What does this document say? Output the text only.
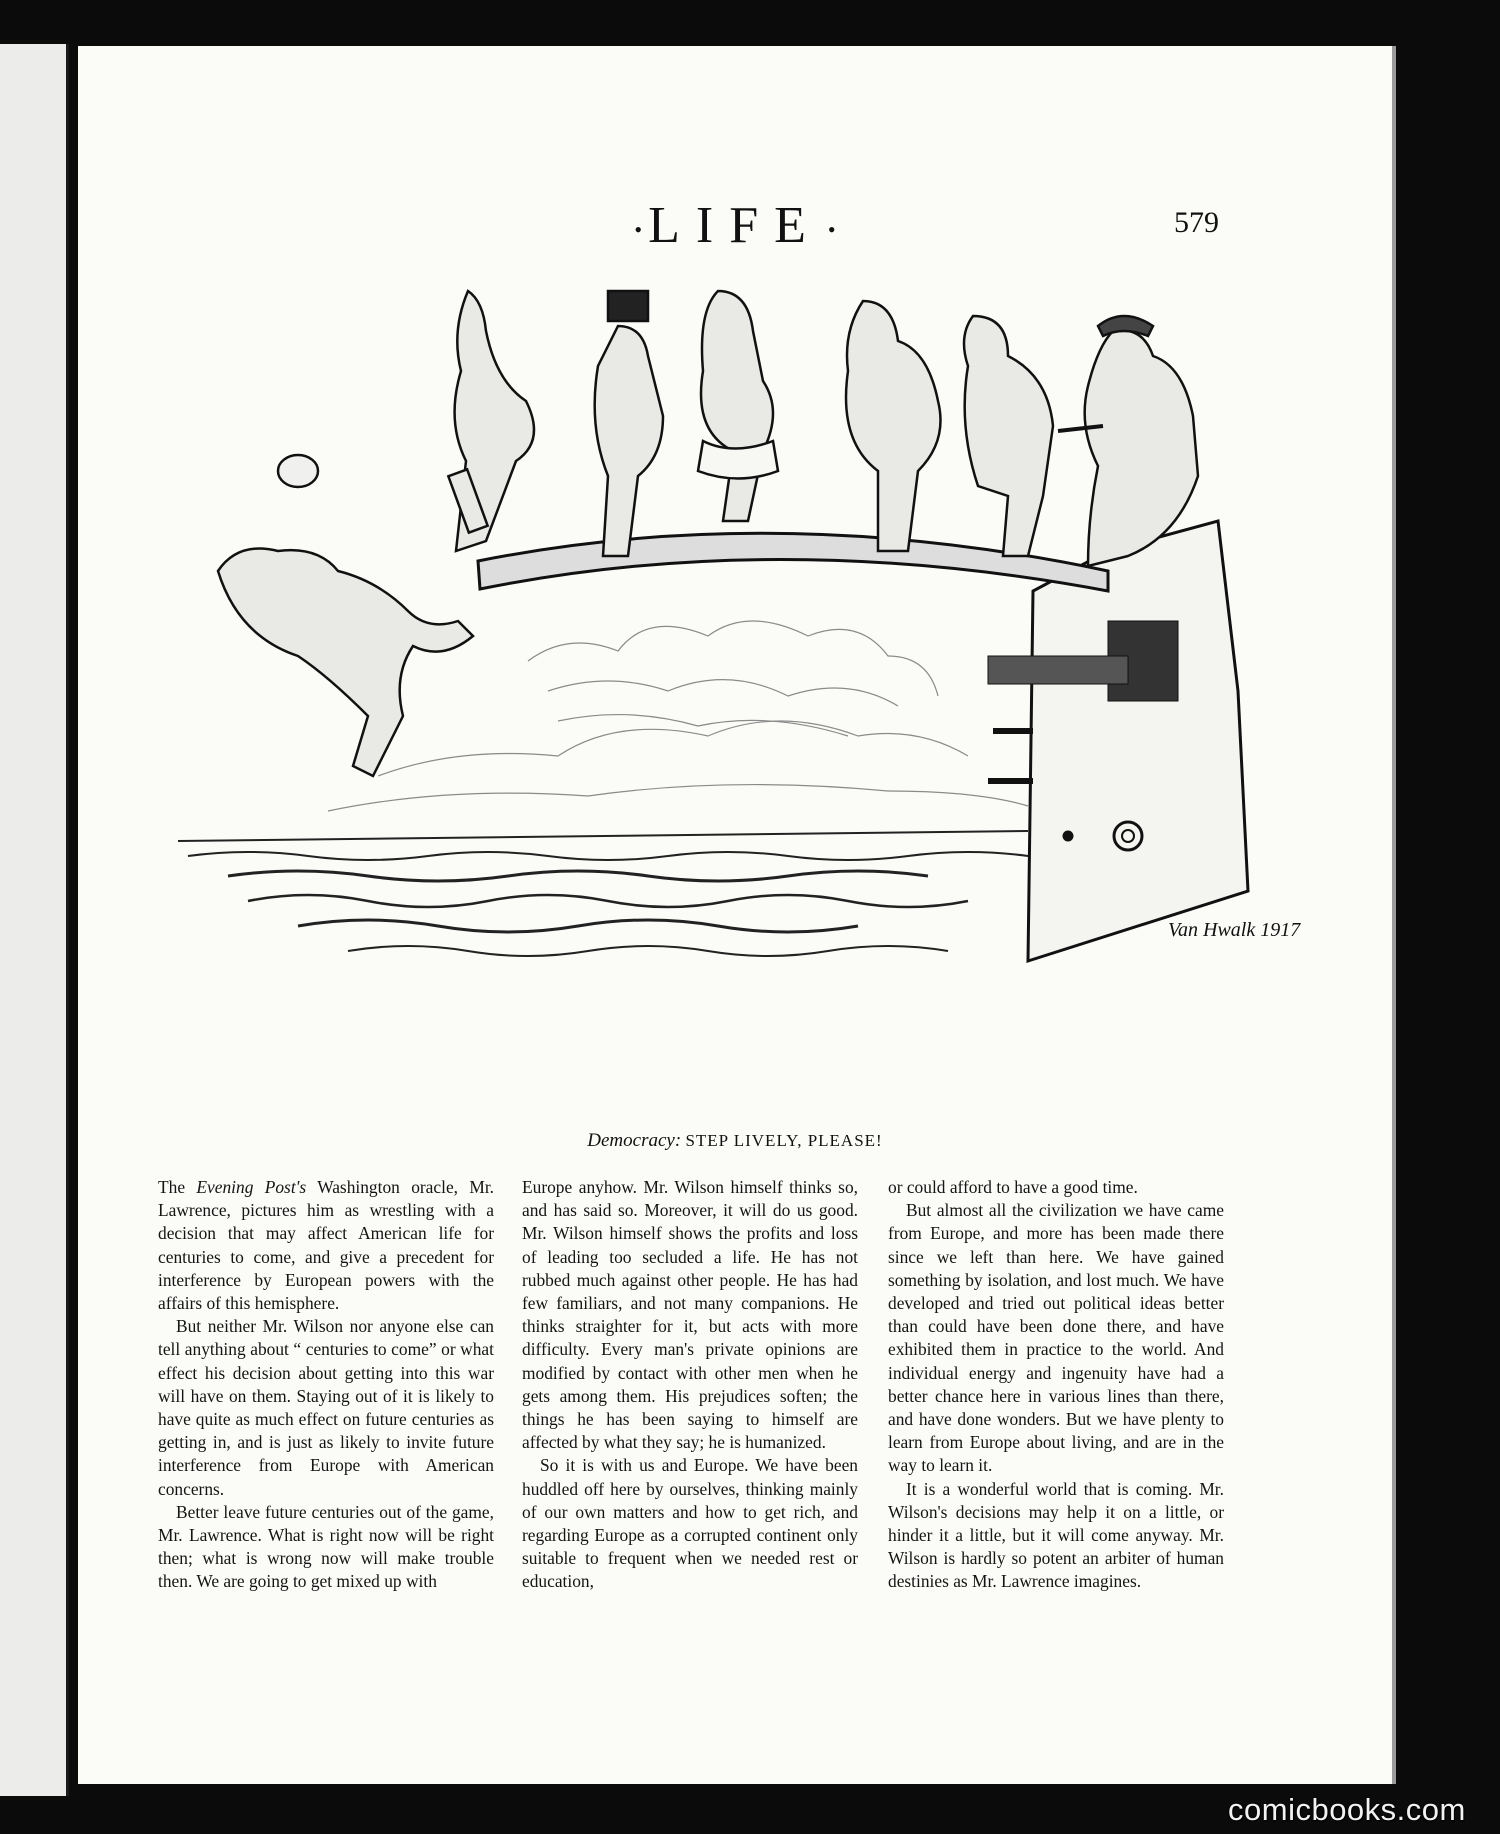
• LIFE •	579
Van Hwalk 1917
Democracy: STEP LIVELY, PLEASE!

The Evening Post's Washington oracle, Mr. Lawrence, pictures him as wrestling with a decision that may affect American life for centuries to come, and give a precedent for interference by European powers with the affairs of this hemisphere.

But neither Mr. Wilson nor anyone else can tell anything about “ centuries to come” or what effect his decision about getting into this war will have on them. Staying out of it is likely to have quite as much effect on future centuries as getting in, and is just as likely to invite future interference from Europe with American concerns.

Better leave future centuries out of the game, Mr. Lawrence. What is right now will be right then; what is wrong now will make trouble then. We are going to get mixed up with

Europe anyhow. Mr. Wilson himself thinks so, and has said so. Moreover, it will do us good. Mr. Wilson himself shows the profits and loss of leading too secluded a life. He has not rubbed much against other people. He has had few familiars, and not many companions. He thinks straighter for it, but acts with more difficulty. Every man's private opinions are modified by contact with other men when he gets among them. His prejudices soften; the things he has been saying to himself are affected by what they say; he is humanized.

So it is with us and Europe. We have been huddled off here by ourselves, thinking mainly of our own matters and how to get rich, and regarding Europe as a corrupted continent only suitable to frequent when we needed rest or education,

or could afford to have a good time.

But almost all the civilization we have came from Europe, and more has been made there since we left than here. We have gained something by isolation, and lost much. We have developed and tried out political ideas better than could have been done there, and have exhibited them in practice to the world. And individual energy and ingenuity have had a better chance here in various lines than there, and have done wonders. But we have plenty to learn from Europe about living, and are in the way to learn it.

It is a wonderful world that is coming. Mr. Wilson's decisions may help it on a little, or hinder it a little, but it will come anyway. Mr. Wilson is hardly so potent an arbiter of human destinies as Mr. Lawrence imagines.

comicbooks.com
